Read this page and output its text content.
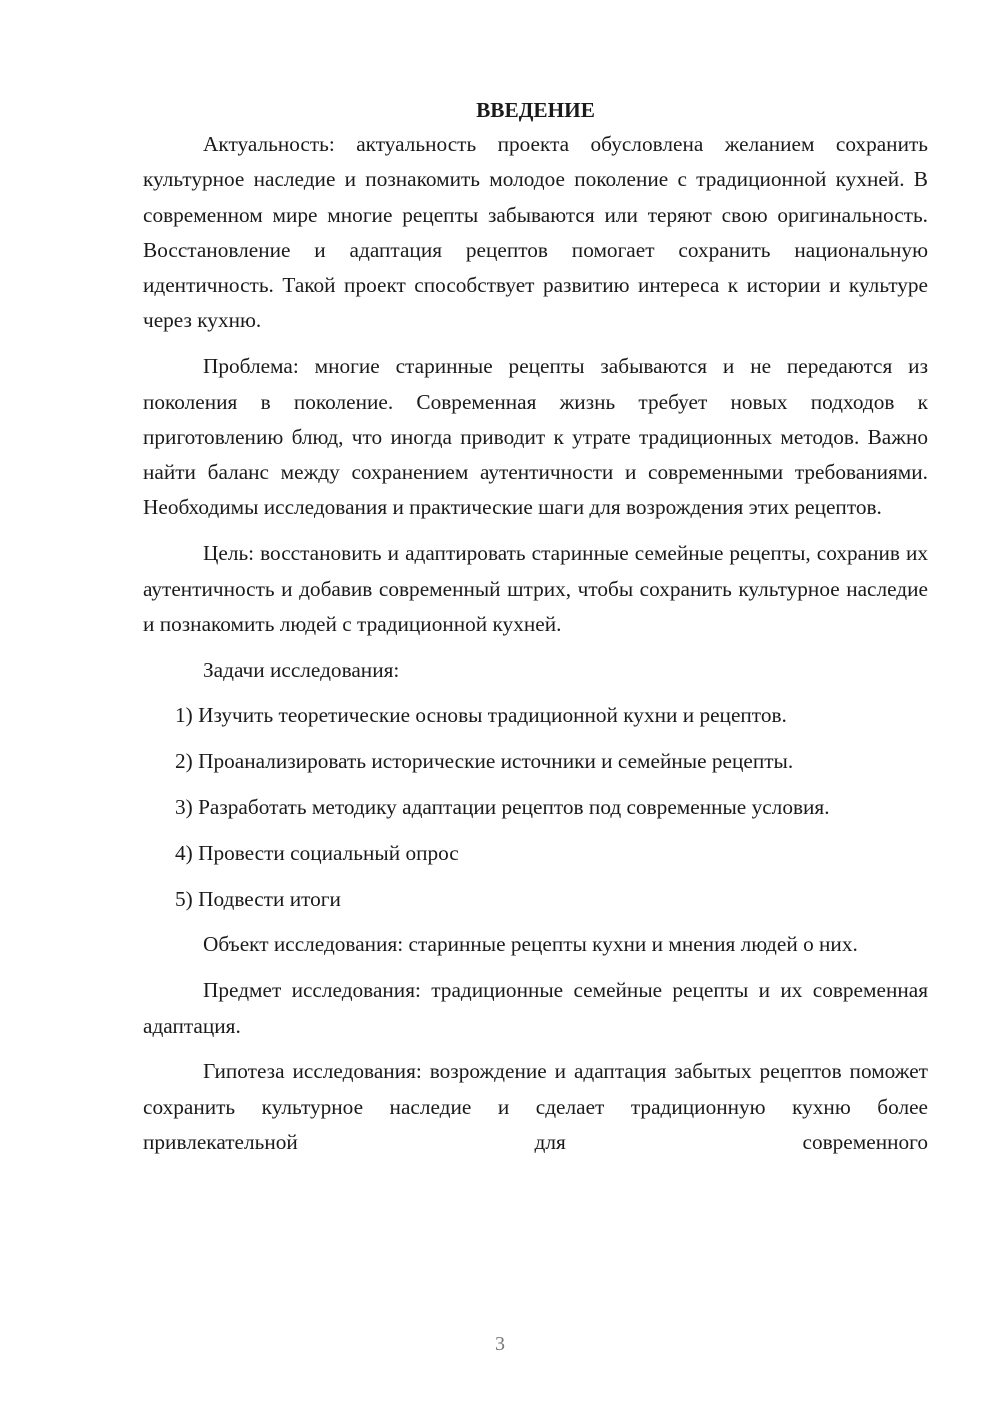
ВВЕДЕНИЕ

Актуальность: актуальность проекта обусловлена желанием сохранить культурное наследие и познакомить молодое поколение с традиционной кухней. В современном мире многие рецепты забываются или теряют свою оригинальность. Восстановление и адаптация рецептов помогает сохранить национальную идентичность. Такой проект способствует развитию интереса к истории и культуре через кухню.

Проблема: многие старинные рецепты забываются и не передаются из поколения в поколение. Современная жизнь требует новых подходов к приготовлению блюд, что иногда приводит к утрате традиционных методов. Важно найти баланс между сохранением аутентичности и современными требованиями. Необходимы исследования и практические шаги для возрождения этих рецептов.

Цель: восстановить и адаптировать старинные семейные рецепты, сохранив их аутентичность и добавив современный штрих, чтобы сохранить культурное наследие и познакомить людей с традиционной кухней.

Задачи исследования:

1) Изучить теоретические основы традиционной кухни и рецептов.

2) Проанализировать исторические источники и семейные рецепты.

3) Разработать методику адаптации рецептов под современные условия.

4) Провести социальный опрос

5) Подвести итоги

Объект исследования: старинные рецепты кухни и мнения людей о них.

Предмет исследования: традиционные семейные рецепты и их современная адаптация.

Гипотеза исследования: возрождение и адаптация забытых рецептов поможет сохранить культурное наследие и сделает традиционную кухню более привлекательной для современного

3
